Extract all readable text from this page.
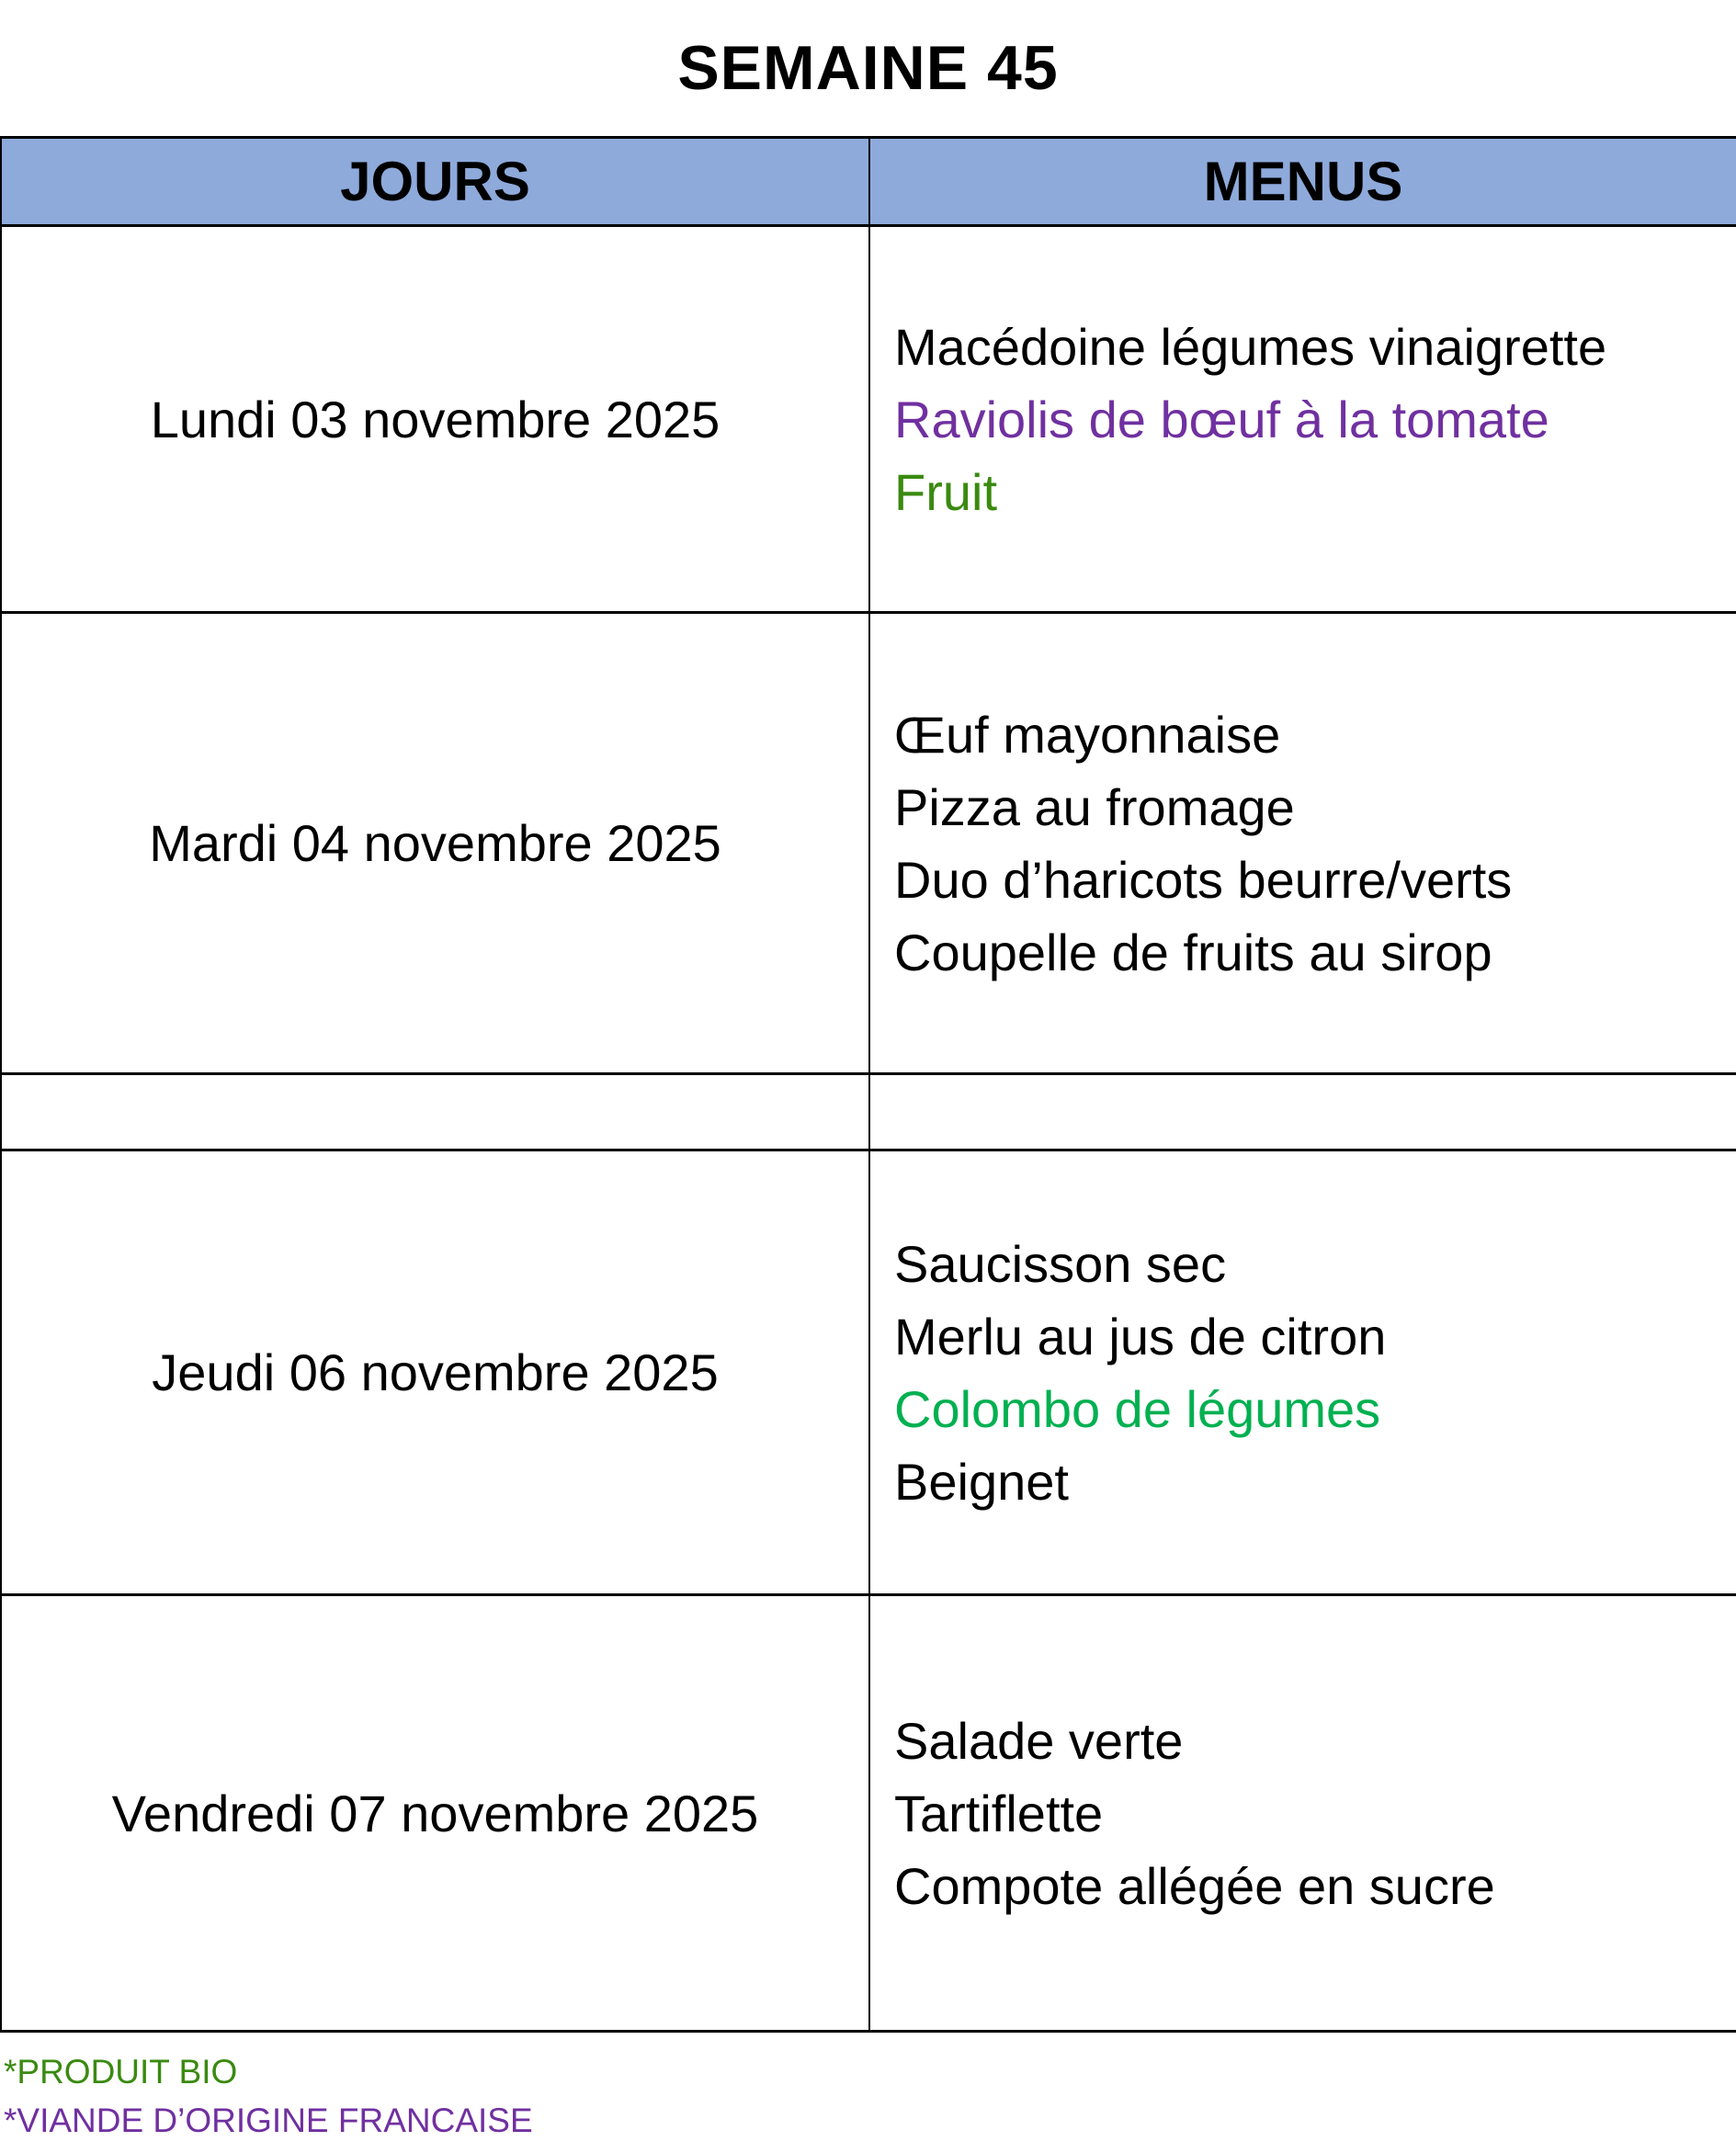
SEMAINE 45
JOURS	MENUS
Lundi 03 novembre 2025	Macédoine légumes vinaigrette
Raviolis de bœuf à la tomate
Fruit

Mardi 04 novembre 2025	Œuf mayonnaise
Pizza au fromage
Duo d’haricots beurre/verts
Coupelle de fruits au sirop

Jeudi 06 novembre 2025	Saucisson sec
Merlu au jus de citron
Colombo de légumes
Beignet

Vendredi 07 novembre 2025	Salade verte
Tartiflette
Compote allégée en sucre
*PRODUIT BIO
*VIANDE D’ORIGINE FRANCAISE
